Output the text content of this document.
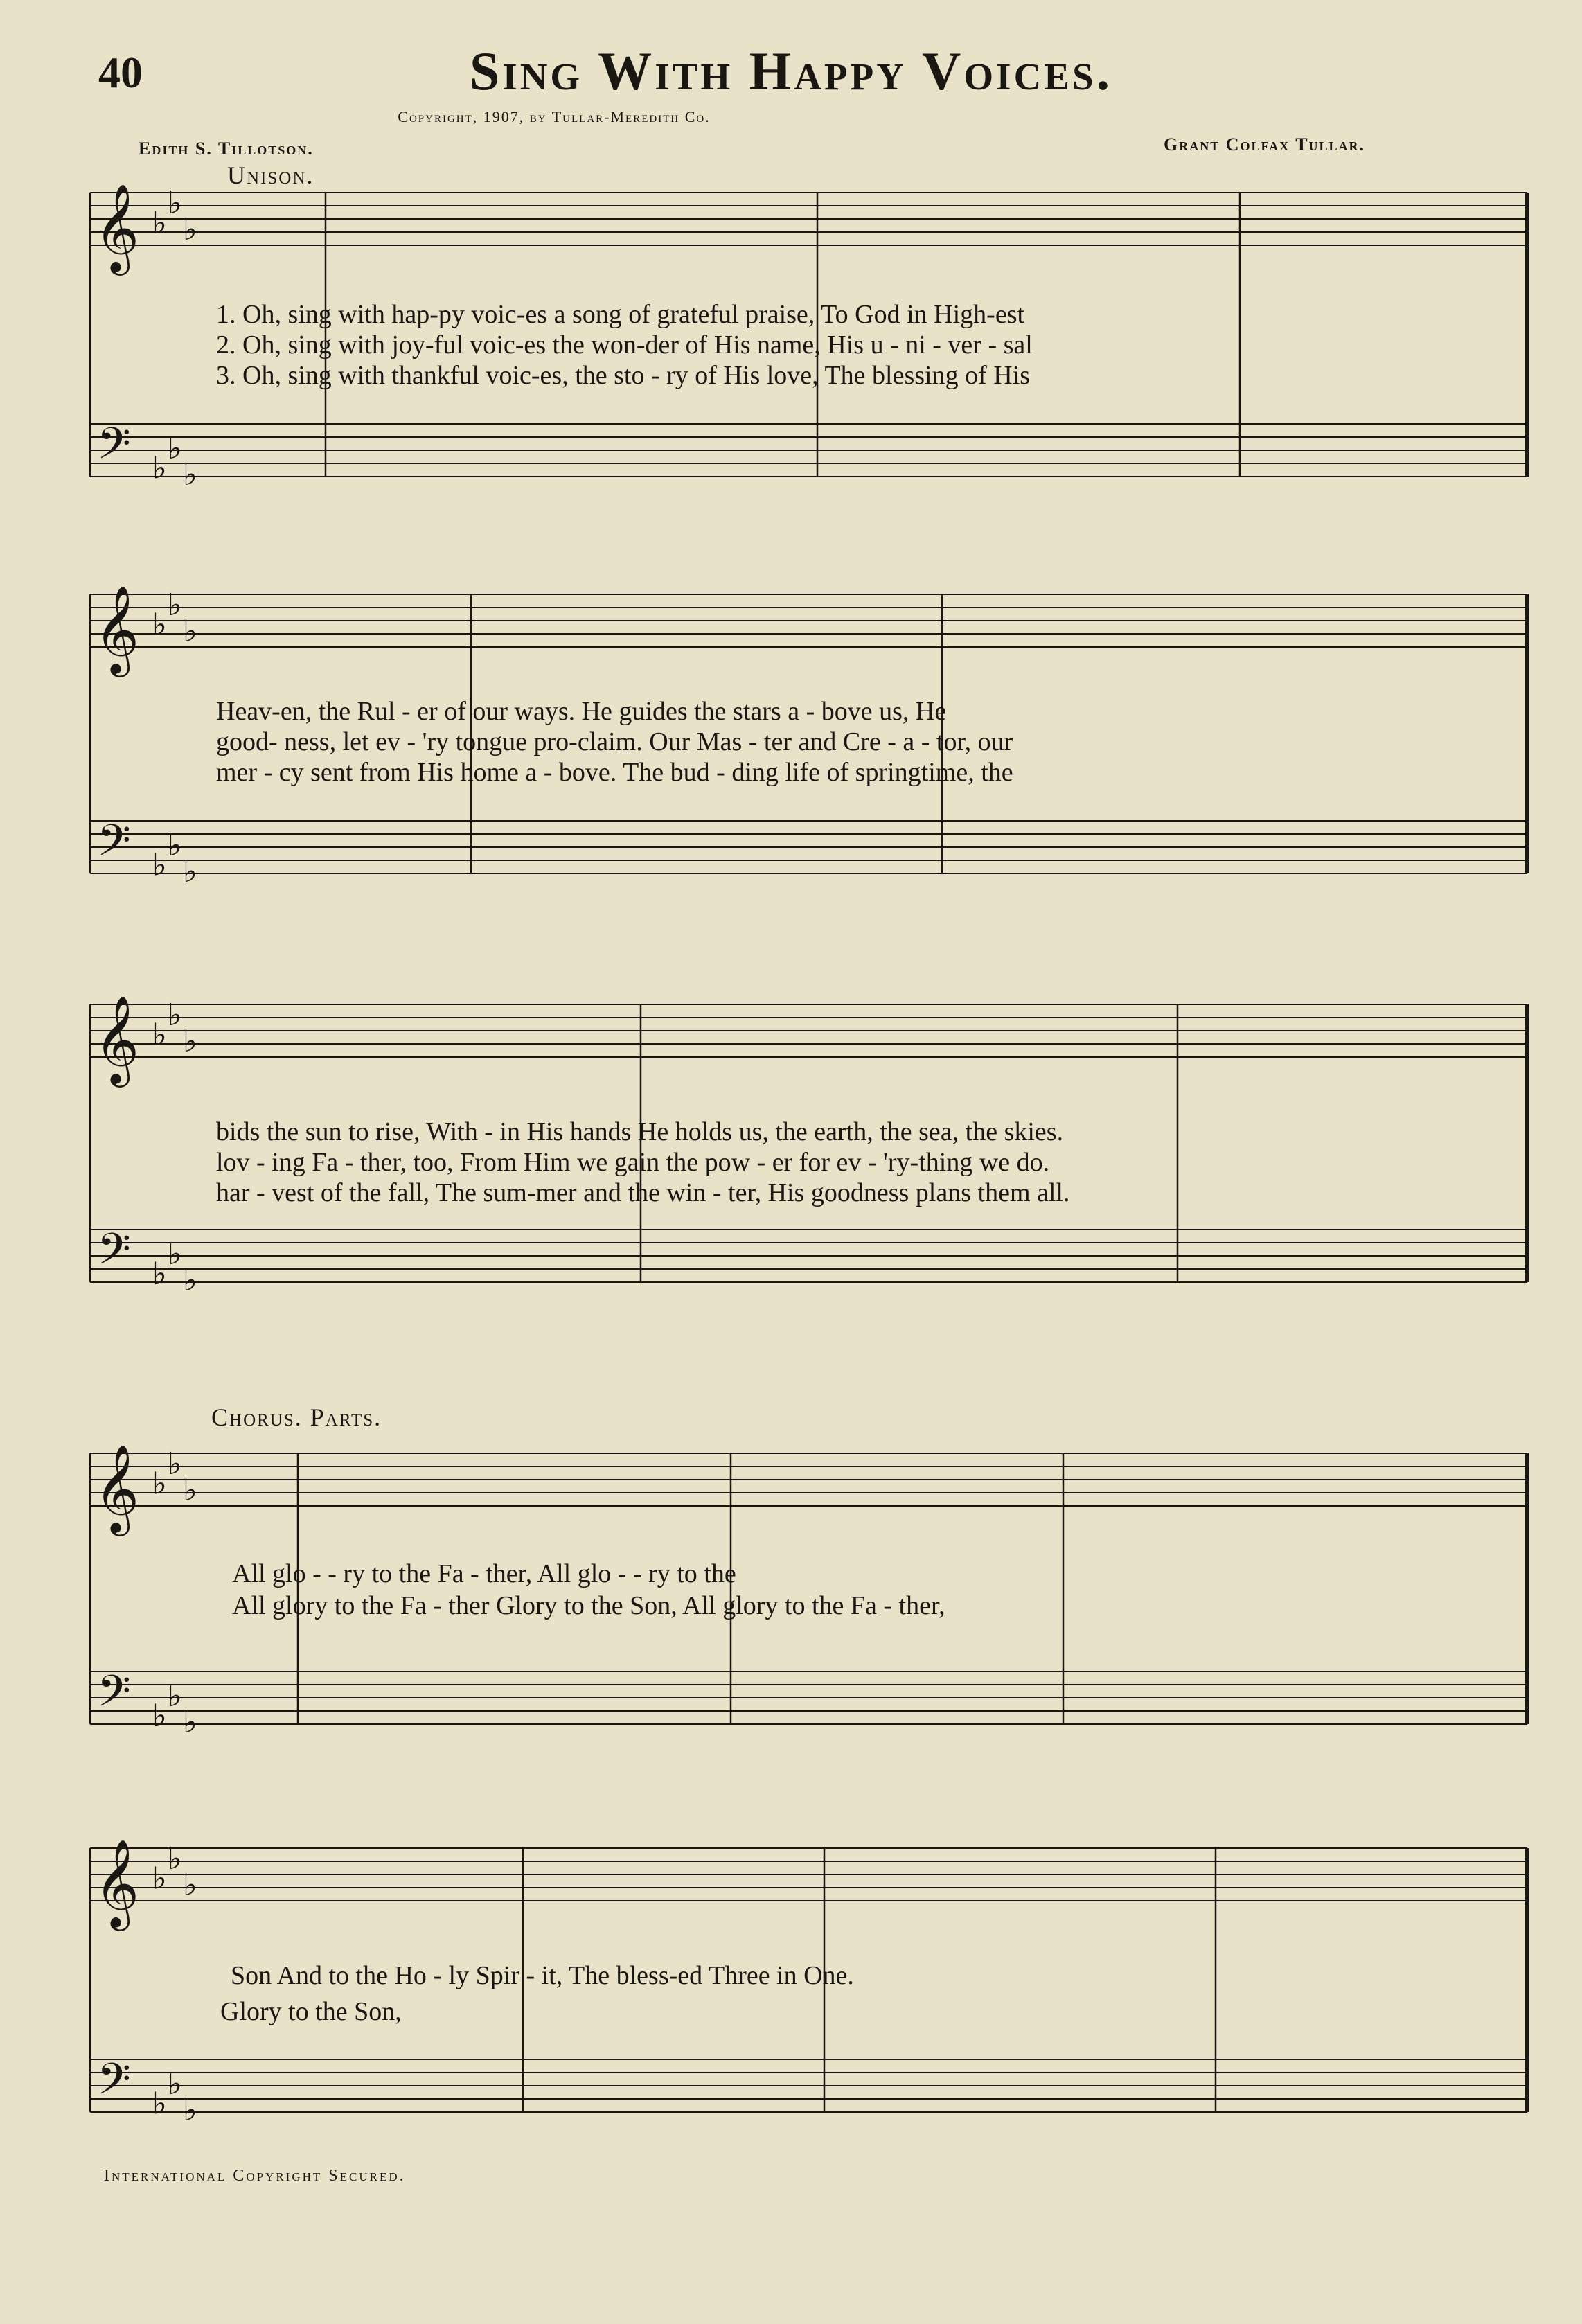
40	Sing With Happy Voices.
Copyright, 1907, by Tullar-Meredith Co.
Edith S. Tillotson.	Grant Colfax Tullar.
Unison.
Chorus. Parts.
𝄞
𝄢
♭
♭
♭
♭
♭
♭
𝄞
𝄢
♭
♭
♭
♭
♭
♭
𝄞
𝄢
♭
♭
♭
♭
♭
♭
𝄞
𝄢
♭
♭
♭
♭
♭
♭
𝄞
𝄢
♭
♭
♭
♭
♭
♭
1. Oh, sing with hap-py voic-es a song of grateful praise, To God in High-est
2. Oh, sing with joy-ful voic-es the won-der of His name, His u - ni - ver - sal
3. Oh, sing with thankful voic-es, the sto - ry of His love, The blessing of His
Heav-en, the Rul - er of our ways. He guides the stars a - bove us, He
good- ness, let ev - 'ry tongue pro-claim. Our Mas - ter and Cre - a - tor, our
mer - cy sent from His home a - bove. The bud - ding life of springtime, the
bids the sun to rise, With - in His hands He holds us, the earth, the sea, the skies.
lov - ing Fa - ther, too, From Him we gain the pow - er for ev - 'ry-thing we do.
har - vest of the fall, The sum-mer and the win - ter, His goodness plans them all.
All glo - - ry to the Fa - ther, All glo - - ry to the
All glory to the Fa - ther Glory to the Son, All glory to the Fa - ther,
Son And to the Ho - ly Spir - it, The bless-ed Three in One.
Glory to the Son,
International Copyright Secured.
